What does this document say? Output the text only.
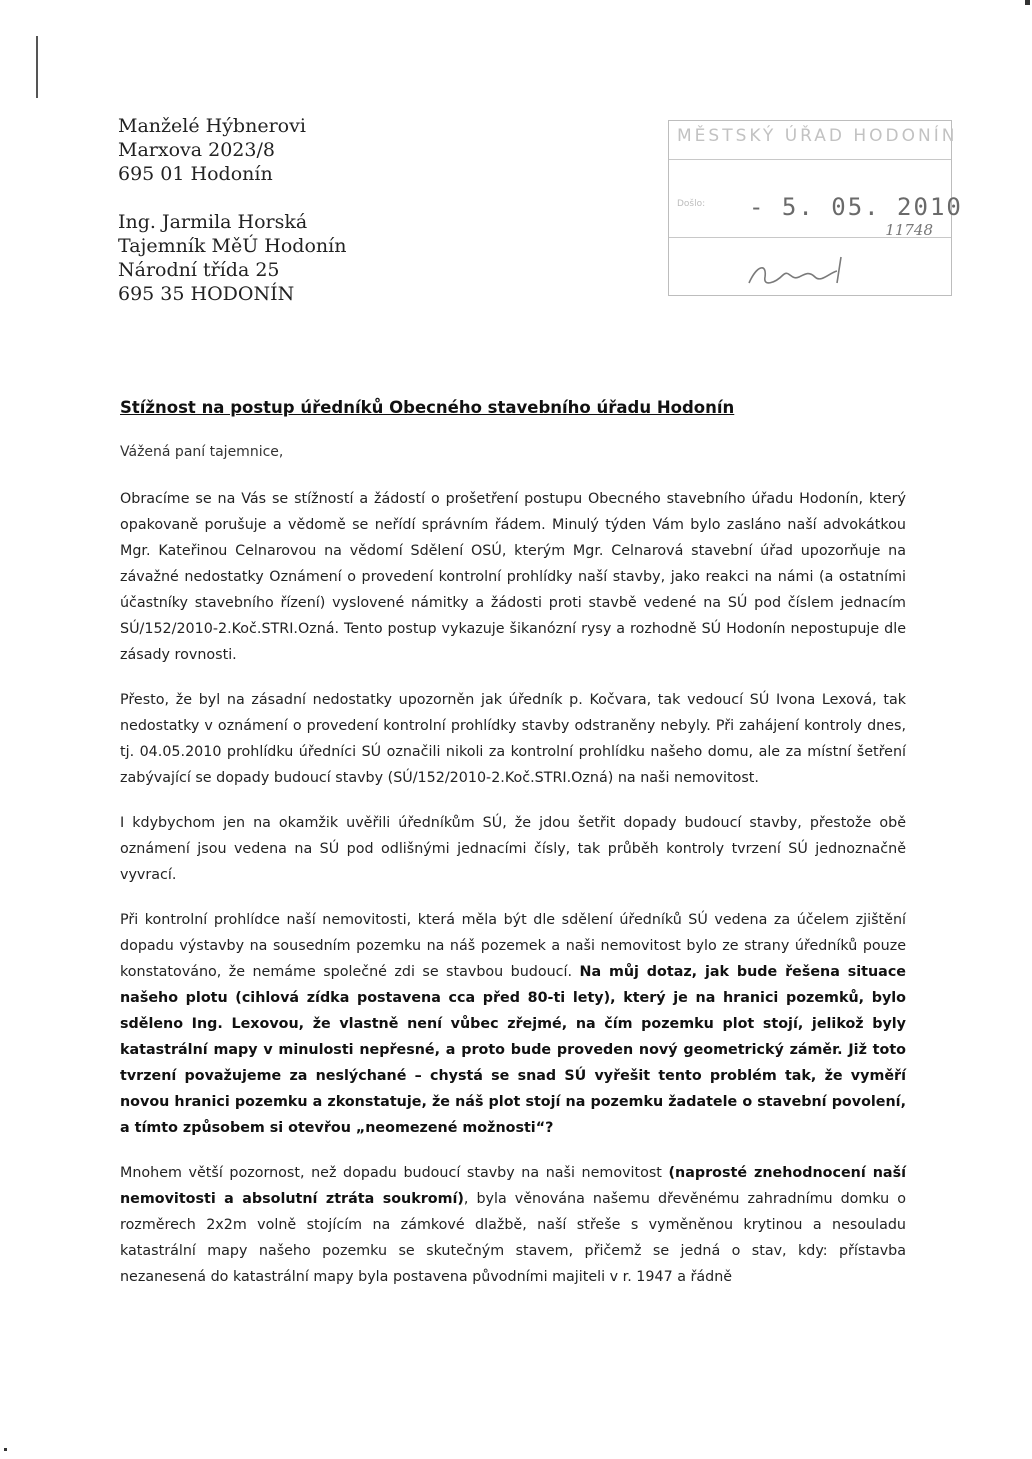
Manželé Hýbnerovi
Marxova 2023/8
695 01 Hodonín
Ing. Jarmila Horská
Tajemník MěÚ Hodonín
Národní třída 25
695 35 HODONÍN
MĚSTSKÝ ÚŘAD HODONÍN
Došlo: - 5. 05. 2010
11748
Stížnost na postup úředníků Obecného stavebního úřadu Hodonín

Vážená paní tajemnice,

Obracíme se na Vás se stížností a žádostí o prošetření postupu Obecného stavebního úřadu Hodonín, který opakovaně porušuje a vědomě se neřídí správním řádem. Minulý týden Vám bylo zasláno naší advokátkou Mgr. Kateřinou Celnarovou na vědomí Sdělení OSÚ, kterým Mgr. Celnarová stavební úřad upozorňuje na závažné nedostatky Oznámení o provedení kontrolní prohlídky naší stavby, jako reakci na námi (a ostatními účastníky stavebního řízení) vyslovené námitky a žádosti proti stavbě vedené na SÚ pod číslem jednacím SÚ/152/2010-2.Koč.STRI.Ozná. Tento postup vykazuje šikanózní rysy a rozhodně SÚ Hodonín nepostupuje dle zásady rovnosti.

Přesto, že byl na zásadní nedostatky upozorněn jak úředník p. Kočvara, tak vedoucí SÚ Ivona Lexová, tak nedostatky v oznámení o provedení kontrolní prohlídky stavby odstraněny nebyly. Při zahájení kontroly dnes, tj. 04.05.2010 prohlídku úředníci SÚ označili nikoli za kontrolní prohlídku našeho domu, ale za místní šetření zabývající se dopady budoucí stavby (SÚ/152/2010-2.Koč.STRI.Ozná) na naši nemovitost.

I kdybychom jen na okamžik uvěřili úředníkům SÚ, že jdou šetřit dopady budoucí stavby, přestože obě oznámení jsou vedena na SÚ pod odlišnými jednacími čísly, tak průběh kontroly tvrzení SÚ jednoznačně vyvrací.

Při kontrolní prohlídce naší nemovitosti, která měla být dle sdělení úředníků SÚ vedena za účelem zjištění dopadu výstavby na sousedním pozemku na náš pozemek a naši nemovitost bylo ze strany úředníků pouze konstatováno, že nemáme společné zdi se stavbou budoucí. Na můj dotaz, jak bude řešena situace našeho plotu (cihlová zídka postavena cca před 80-ti lety), který je na hranici pozemků, bylo sděleno Ing. Lexovou, že vlastně není vůbec zřejmé, na čím pozemku plot stojí, jelikož byly katastrální mapy v minulosti nepřesné, a proto bude proveden nový geometrický záměr. Již toto tvrzení považujeme za neslýchané – chystá se snad SÚ vyřešit tento problém tak, že vyměří novou hranici pozemku a zkonstatuje, že náš plot stojí na pozemku žadatele o stavební povolení, a tímto způsobem si otevřou „neomezené možnosti“?

Mnohem větší pozornost, než dopadu budoucí stavby na naši nemovitost (naprosté znehodnocení naší nemovitosti a absolutní ztráta soukromí), byla věnována našemu dřevěnému zahradnímu domku o rozměrech 2x2m volně stojícím na zámkové dlažbě, naší střeše s vyměněnou krytinou a nesouladu katastrální mapy našeho pozemku se skutečným stavem, přičemž se jedná o stav, kdy: přístavba nezanesená do katastrální mapy byla postavena původními majiteli v r. 1947 a řádně
